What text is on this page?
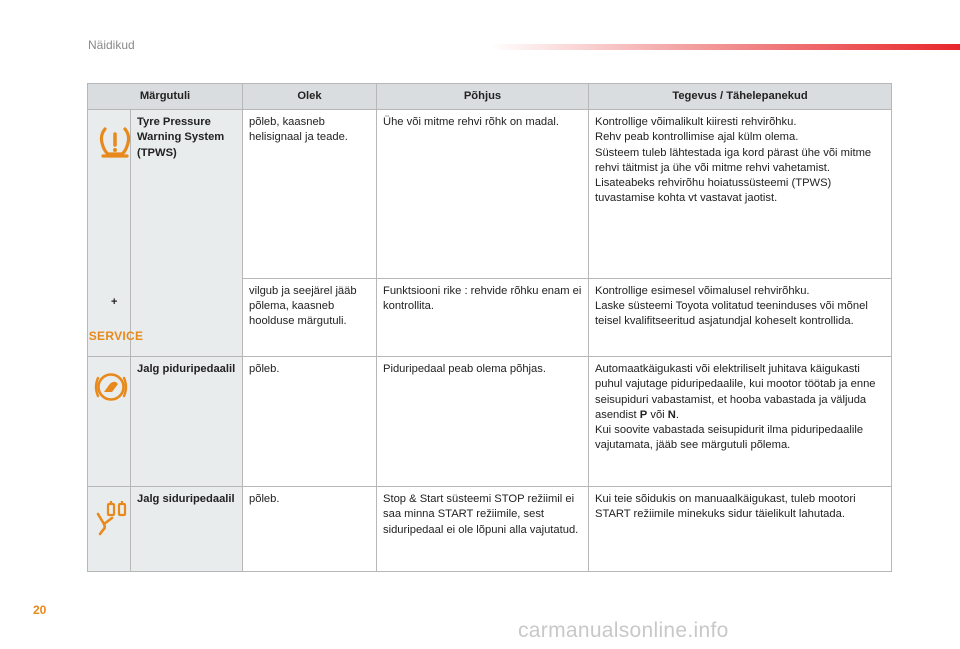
Näidikud
Märgutuli		Olek	Põhjus	Tegevus / Tähelepanekud

+
SERVICE	Tyre Pressure Warning System (TPWS)	põleb, kaasneb helisignaal ja teade.	Ühe või mitme rehvi rõhk on madal.	Kontrollige võimalikult kiiresti rehvirõhku.
Rehv peab kontrollimise ajal külm olema.
Süsteem tuleb lähtestada iga kord pärast ühe või mitme rehvi täitmist ja ühe või mitme rehvi vahetamist.
Lisateabeks rehvirõhu hoiatussüsteemi (TPWS) tuvastamise kohta vt vastavat jaotist.
		vilgub ja seejärel jääb põlema, kaasneb hoolduse märgutuli.	Funktsiooni rike : rehvide rõhku enam ei kontrollita.	Kontrollige esimesel võimalusel rehvirõhku.
Laske süsteemi Toyota volitatud teeninduses või mõnel teisel kvalifitseeritud asjatundjal koheselt kontrollida.

	Jalg piduripedaalil	põleb.	Piduripedaal peab olema põhjas.	Automaatkäigukasti või elektriliselt juhitava käigukasti puhul vajutage piduripedaalile, kui mootor töötab ja enne seisupiduri vabastamist, et hooba vabastada ja väljuda asendist P või N.
Kui soovite vabastada seisupidurit ilma piduripedaalile vajutamata, jääb see märgutuli põlema.

	Jalg siduripedaalil	põleb.	Stop & Start süsteemi STOP režiimil ei saa minna START režiimile, sest siduripedaal ei ole lõpuni alla vajutatud.	Kui teie sõidukis on manuaalkäigukast, tuleb mootori START režiimile minekuks sidur täielikult lahutada.
20
carmanualsonline.info
